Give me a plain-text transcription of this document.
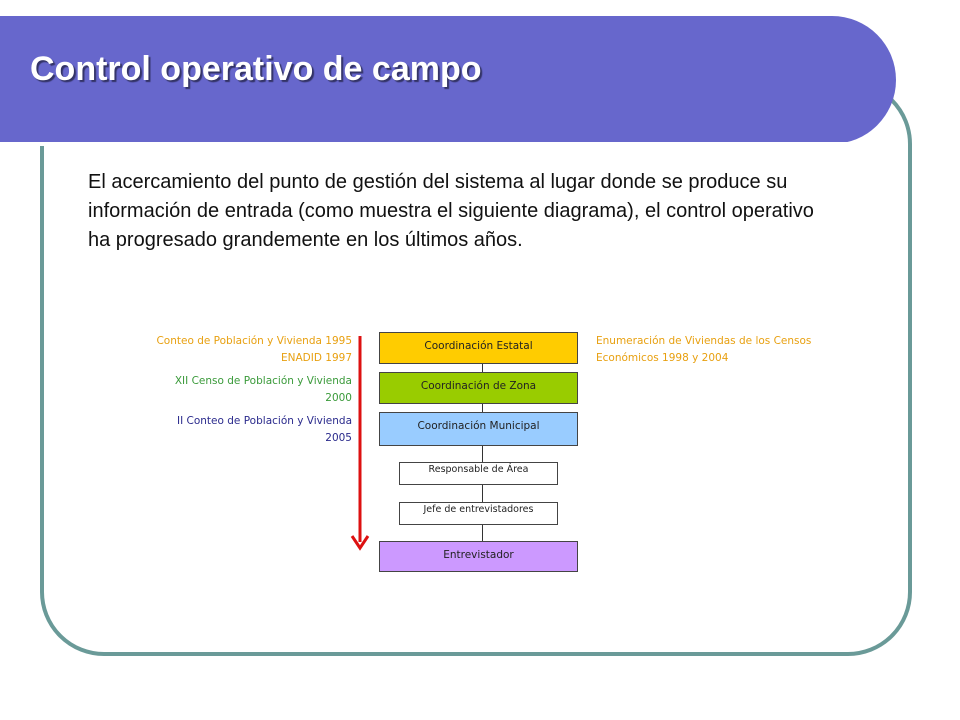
Control operativo de campo

El acercamiento del punto de gestión del sistema al lugar donde se produce su información de entrada (como muestra el siguiente diagrama), el control operativo ha progresado grandemente en los últimos años.

Conteo de Población y Vivienda 1995
ENADID 1997
XII Censo de Población y Vivienda
2000
II Conteo de Población y Vivienda
2005
Enumeración de Viviendas de los Censos
Económicos 1998 y 2004
Coordinación Estatal
Coordinación de Zona
Coordinación Municipal
Responsable de Área
Jefe de entrevistadores
Entrevistador
